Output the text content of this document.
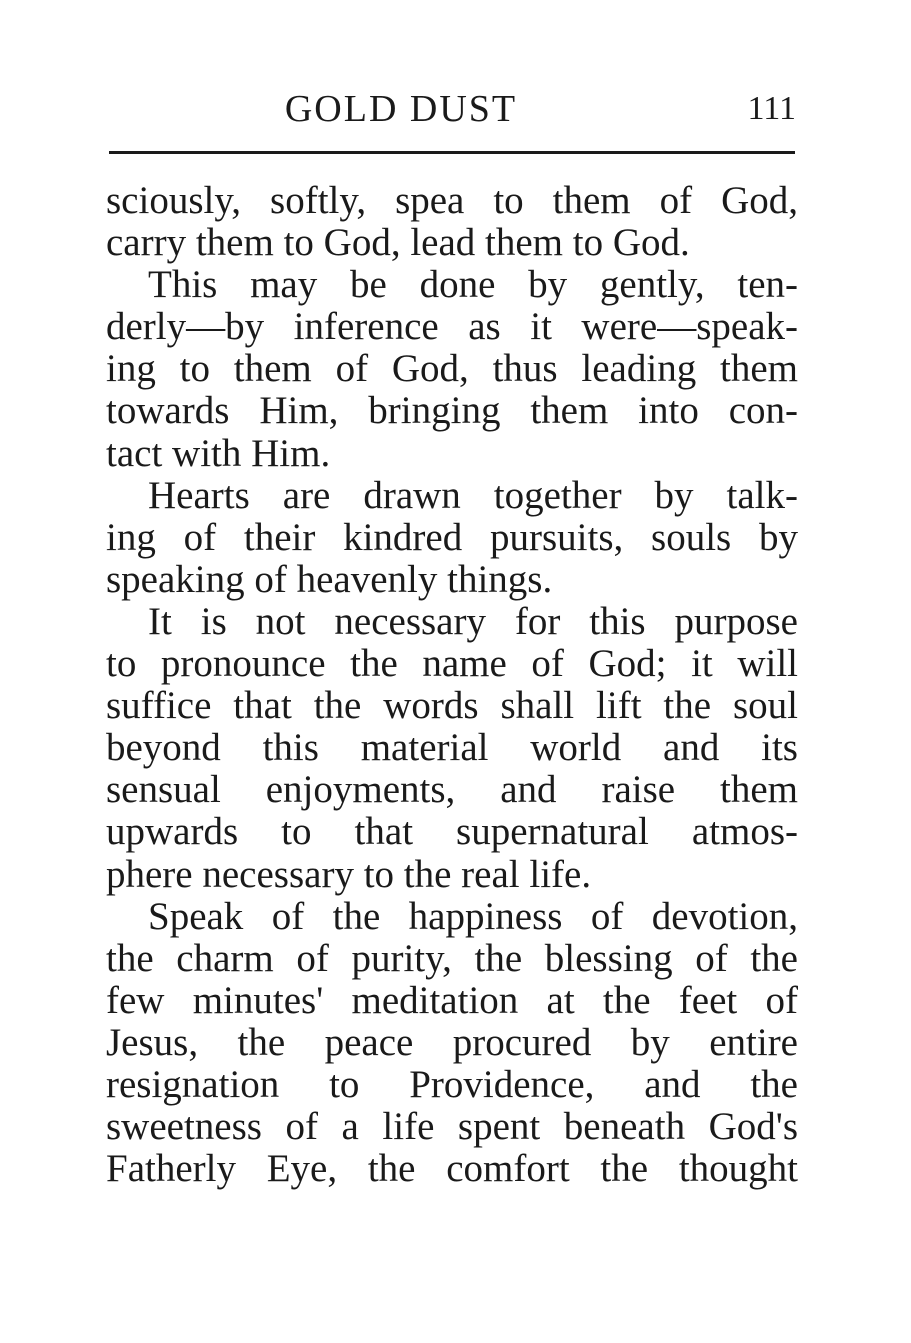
GOLD DUST	111
sciously, softly, spea to them of God,
carry them to God, lead them to God.
This may be done by gently, ten-
derly—by inference as it were—speak-
ing to them of God, thus leading them
towards Him, bringing them into con-
tact with Him.
Hearts are drawn together by talk-
ing of their kindred pursuits, souls by
speaking of heavenly things.
It is not necessary for this purpose
to pronounce the name of God; it will
suffice that the words shall lift the soul
beyond this material world and its
sensual enjoyments, and raise them
upwards to that supernatural atmos-
phere necessary to the real life.
Speak of the happiness of devotion,
the charm of purity, the blessing of the
few minutes' meditation at the feet of
Jesus, the peace procured by entire
resignation to Providence, and the
sweetness of a life spent beneath God's
Fatherly Eye, the comfort the thought
